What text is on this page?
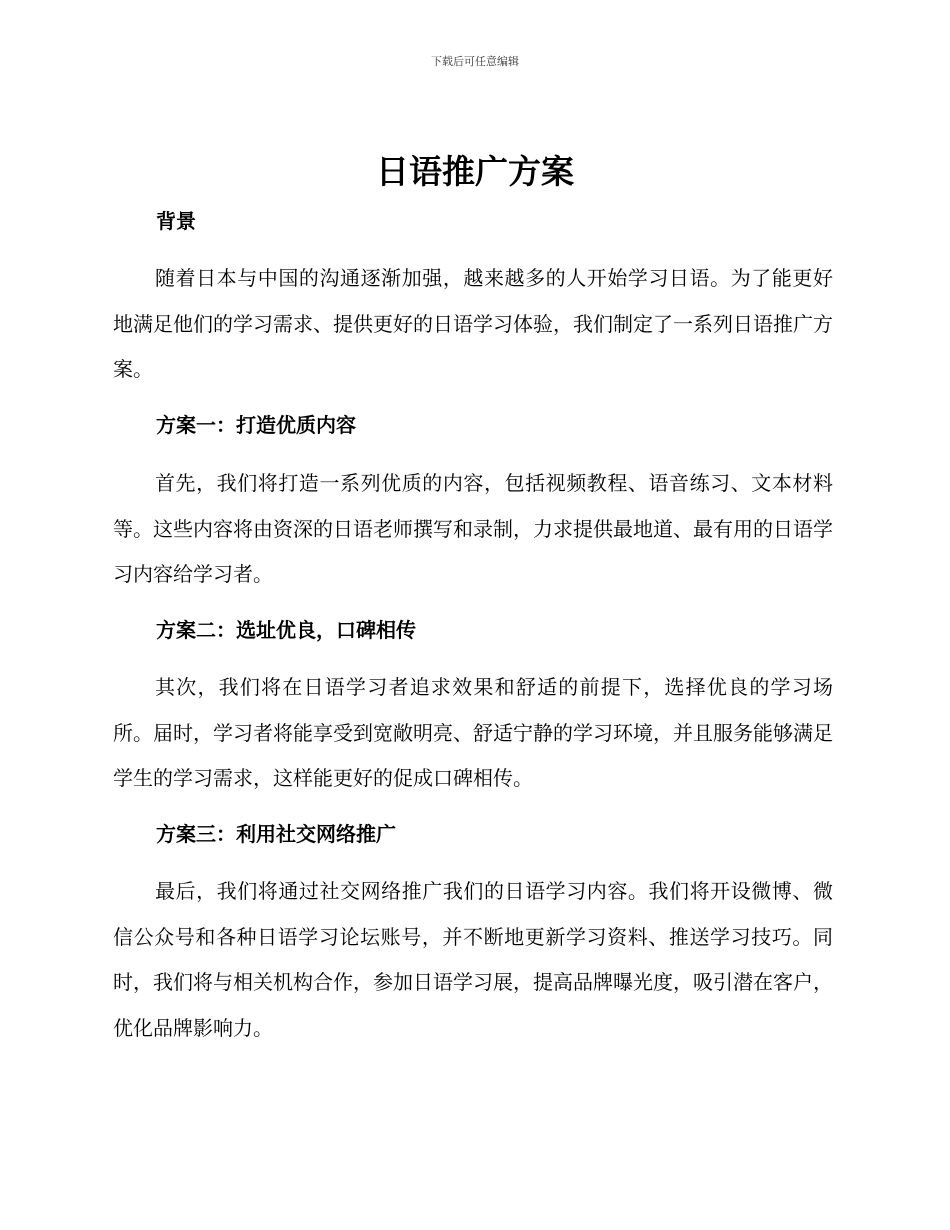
下载后可任意编辑
日语推广方案
背景

随着日本与中国的沟通逐渐加强，越来越多的人开始学习日语。为了能更好地满足他们的学习需求、提供更好的日语学习体验，我们制定了一系列日语推广方案。

方案一：打造优质内容

首先，我们将打造一系列优质的内容，包括视频教程、语音练习、文本材料等。这些内容将由资深的日语老师撰写和录制，力求提供最地道、最有用的日语学习内容给学习者。

方案二：选址优良，口碑相传

其次，我们将在日语学习者追求效果和舒适的前提下，选择优良的学习场所。届时，学习者将能享受到宽敞明亮、舒适宁静的学习环境，并且服务能够满足学生的学习需求，这样能更好的促成口碑相传。

方案三：利用社交网络推广

最后，我们将通过社交网络推广我们的日语学习内容。我们将开设微博、微信公众号和各种日语学习论坛账号，并不断地更新学习资料、推送学习技巧。同时，我们将与相关机构合作，参加日语学习展，提高品牌曝光度，吸引潜在客户，优化品牌影响力。
